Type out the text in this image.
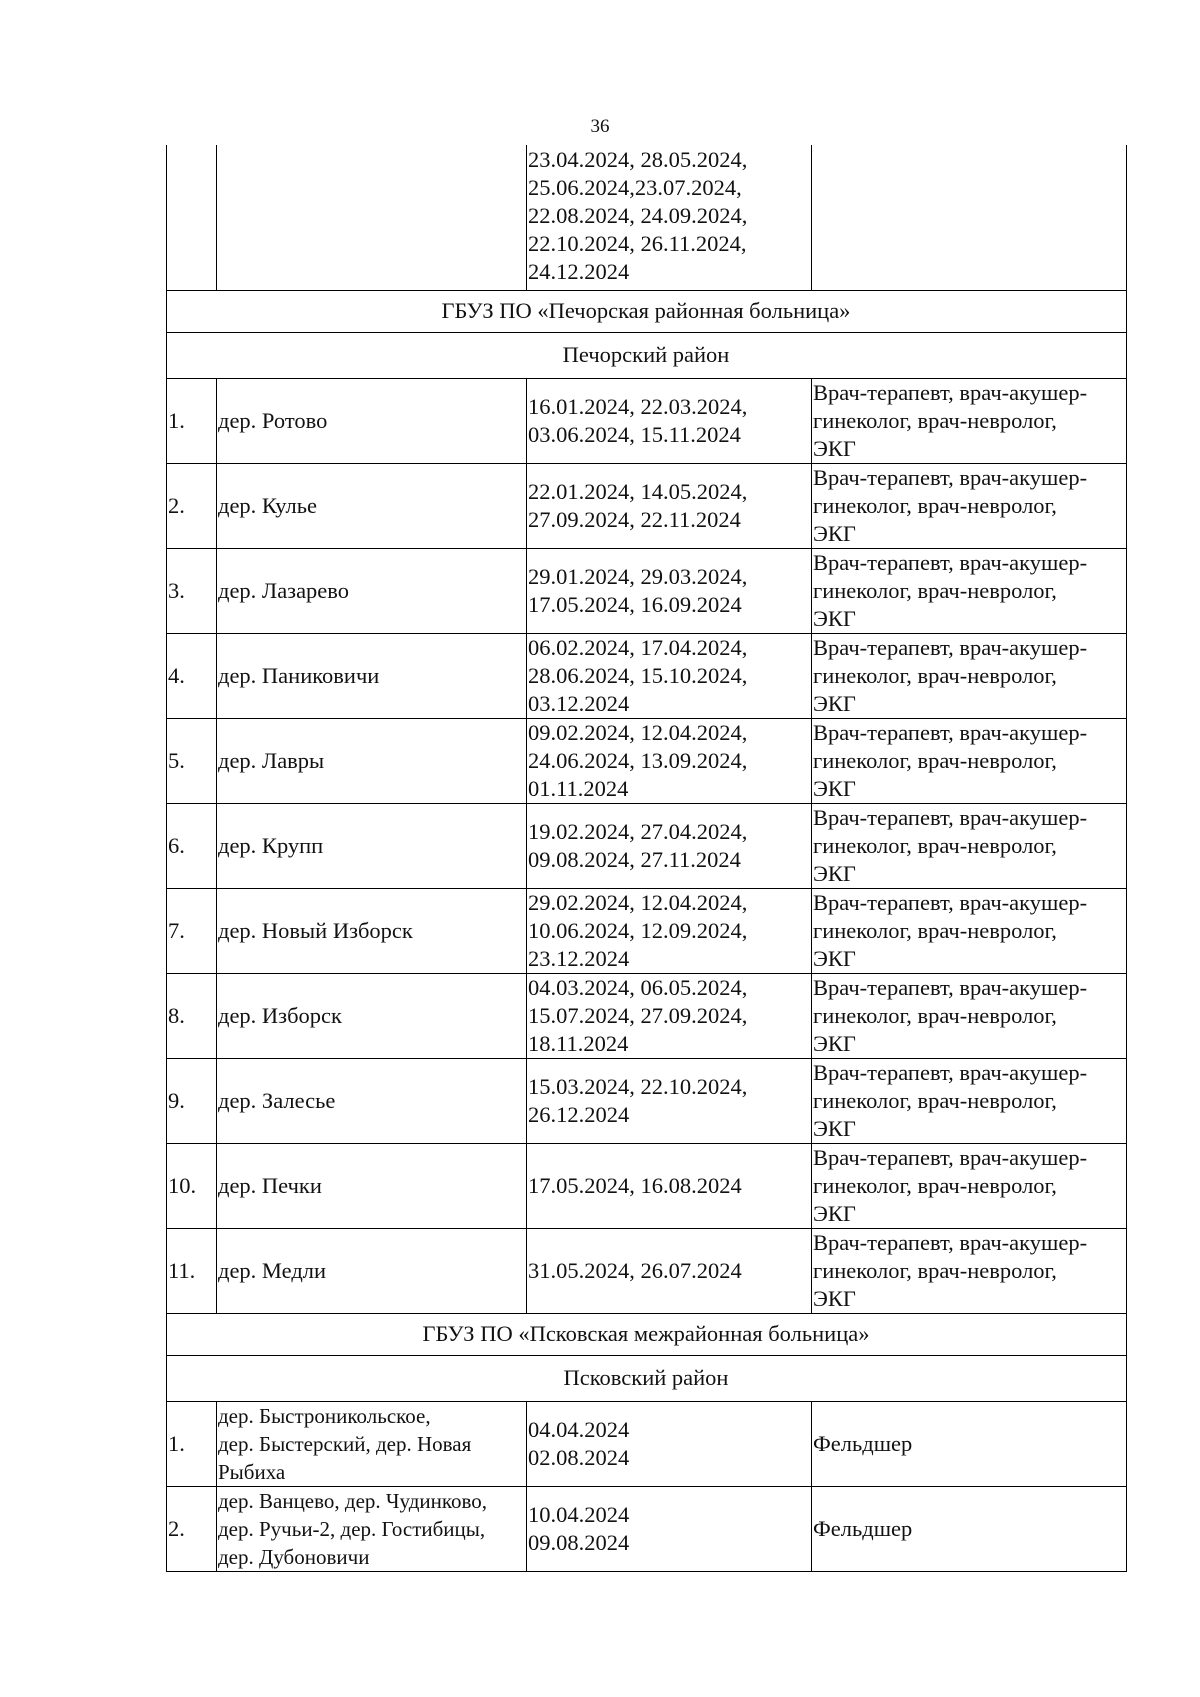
36

		23.04.2024, 28.05.2024,
25.06.2024,23.07.2024,
22.08.2024, 24.09.2024,
22.10.2024, 26.11.2024,
24.12.2024	

ГБУЗ ПО «Печорская районная больница»			
Печорский район			
1.	дер. Ротово	16.01.2024, 22.03.2024,
03.06.2024, 15.11.2024	Врач-терапевт, врач-акушер-
гинеколог, врач-невролог,
ЭКГ

2.	дер. Кулье	22.01.2024, 14.05.2024,
27.09.2024, 22.11.2024	Врач-терапевт, врач-акушер-
гинеколог, врач-невролог,
ЭКГ

3.	дер. Лазарево	29.01.2024, 29.03.2024,
17.05.2024, 16.09.2024	Врач-терапевт, врач-акушер-
гинеколог, врач-невролог,
ЭКГ

4.	дер. Паниковичи	06.02.2024, 17.04.2024,
28.06.2024, 15.10.2024,
03.12.2024	Врач-терапевт, врач-акушер-
гинеколог, врач-невролог,
ЭКГ

5.	дер. Лавры	09.02.2024, 12.04.2024,
24.06.2024, 13.09.2024,
01.11.2024	Врач-терапевт, врач-акушер-
гинеколог, врач-невролог,
ЭКГ

6.	дер. Крупп	19.02.2024, 27.04.2024,
09.08.2024, 27.11.2024	Врач-терапевт, врач-акушер-
гинеколог, врач-невролог,
ЭКГ

7.	дер. Новый Изборск	29.02.2024, 12.04.2024,
10.06.2024, 12.09.2024,
23.12.2024	Врач-терапевт, врач-акушер-
гинеколог, врач-невролог,
ЭКГ

8.	дер. Изборск	04.03.2024, 06.05.2024,
15.07.2024, 27.09.2024,
18.11.2024	Врач-терапевт, врач-акушер-
гинеколог, врач-невролог,
ЭКГ

9.	дер. Залесье	15.03.2024, 22.10.2024,
26.12.2024	Врач-терапевт, врач-акушер-
гинеколог, врач-невролог,
ЭКГ

10.	дер. Печки	17.05.2024, 16.08.2024	Врач-терапевт, врач-акушер-
гинеколог, врач-невролог,
ЭКГ

11.	дер. Медли	31.05.2024, 26.07.2024	Врач-терапевт, врач-акушер-
гинеколог, врач-невролог,
ЭКГ

ГБУЗ ПО «Псковская межрайонная больница»			
Псковский район			
1.	дер. Быстроникольское,
дер. Быстерский, дер. Новая
Рыбиха	04.04.2024
02.08.2024	Фельдшер

2.	дер. Ванцево, дер. Чудинково,
дер. Ручьи-2, дер. Гостибицы,
дер. Дубоновичи	10.04.2024
09.08.2024	Фельдшер
